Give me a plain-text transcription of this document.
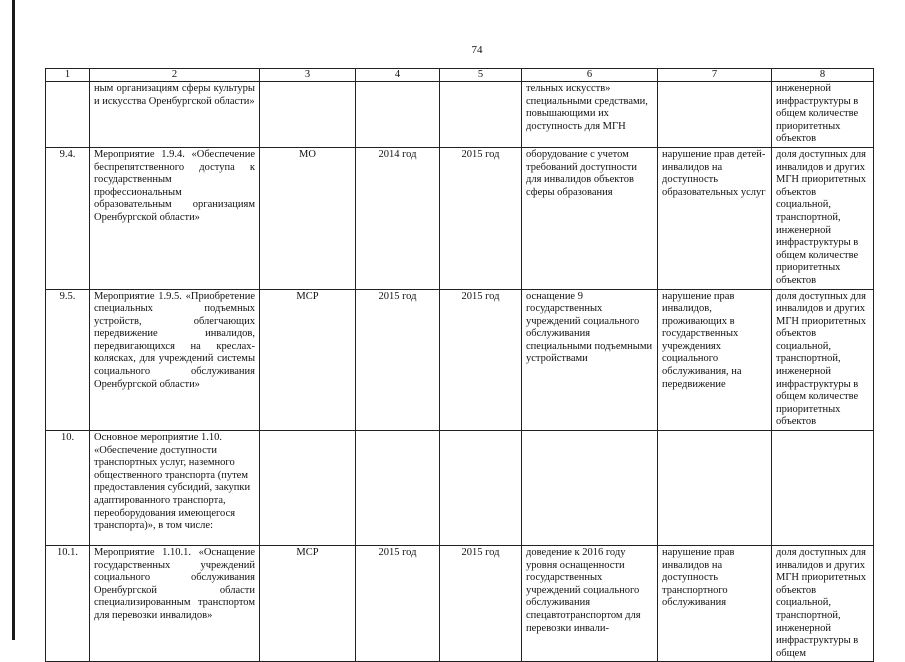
74
1	2	3	4	5	6	7	8
	ным организациям сферы культуры и искусства Оренбургской области»				тельных искусств» специальными средствами, повышающими их доступность для МГН		инженерной инфраструктуры в общем количестве приоритетных объектов
9.4.	Мероприятие 1.9.4. «Обеспечение беспрепятственного доступа к государственным профессиональным образовательным организациям Оренбургской области»	МО	2014 год	2015 год	оборудование с учетом требований доступности для инвалидов объектов сферы образования	нарушение прав детей-инвалидов на доступность образовательных услуг	доля доступных для инвалидов и других МГН приоритетных объектов социальной, транспортной, инженерной инфраструктуры в общем количестве приоритетных объектов
9.5.	Мероприятие 1.9.5. «Приобретение специальных подъемных устройств, облегчающих передвижение инвалидов, передвигающихся на креслах-колясках, для учреждений системы социального обслуживания Оренбургской области»	МСР	2015 год	2015 год	оснащение 9 государственных учреждений социального обслуживания специальными подъемными устройствами	нарушение прав инвалидов, проживающих в государственных учреждениях социального обслуживания, на передвижение	доля доступных для инвалидов и других МГН приоритетных объектов социальной, транспортной, инженерной инфраструктуры в общем количестве приоритетных объектов
10.	Основное мероприятие 1.10. «Обеспечение доступности транспортных услуг, наземного общественного транспорта (путем предоставления субсидий, закупки адаптированного транспорта, переоборудования имеющегося транспорта)», в том числе:						
10.1.	Мероприятие 1.10.1. «Оснащение государственных учреждений социального обслуживания Оренбургской области специализированным транспортом для перевозки инвалидов»	МСР	2015 год	2015 год	доведение к 2016 году уровня оснащенности государственных учреждений социального обслуживания спецавтотранспортом для перевозки инвали-	нарушение прав инвалидов на доступность транспортного обслуживания	доля доступных для инвалидов и других МГН приоритетных объектов социальной, транспортной, инженерной инфраструктуры в общем
